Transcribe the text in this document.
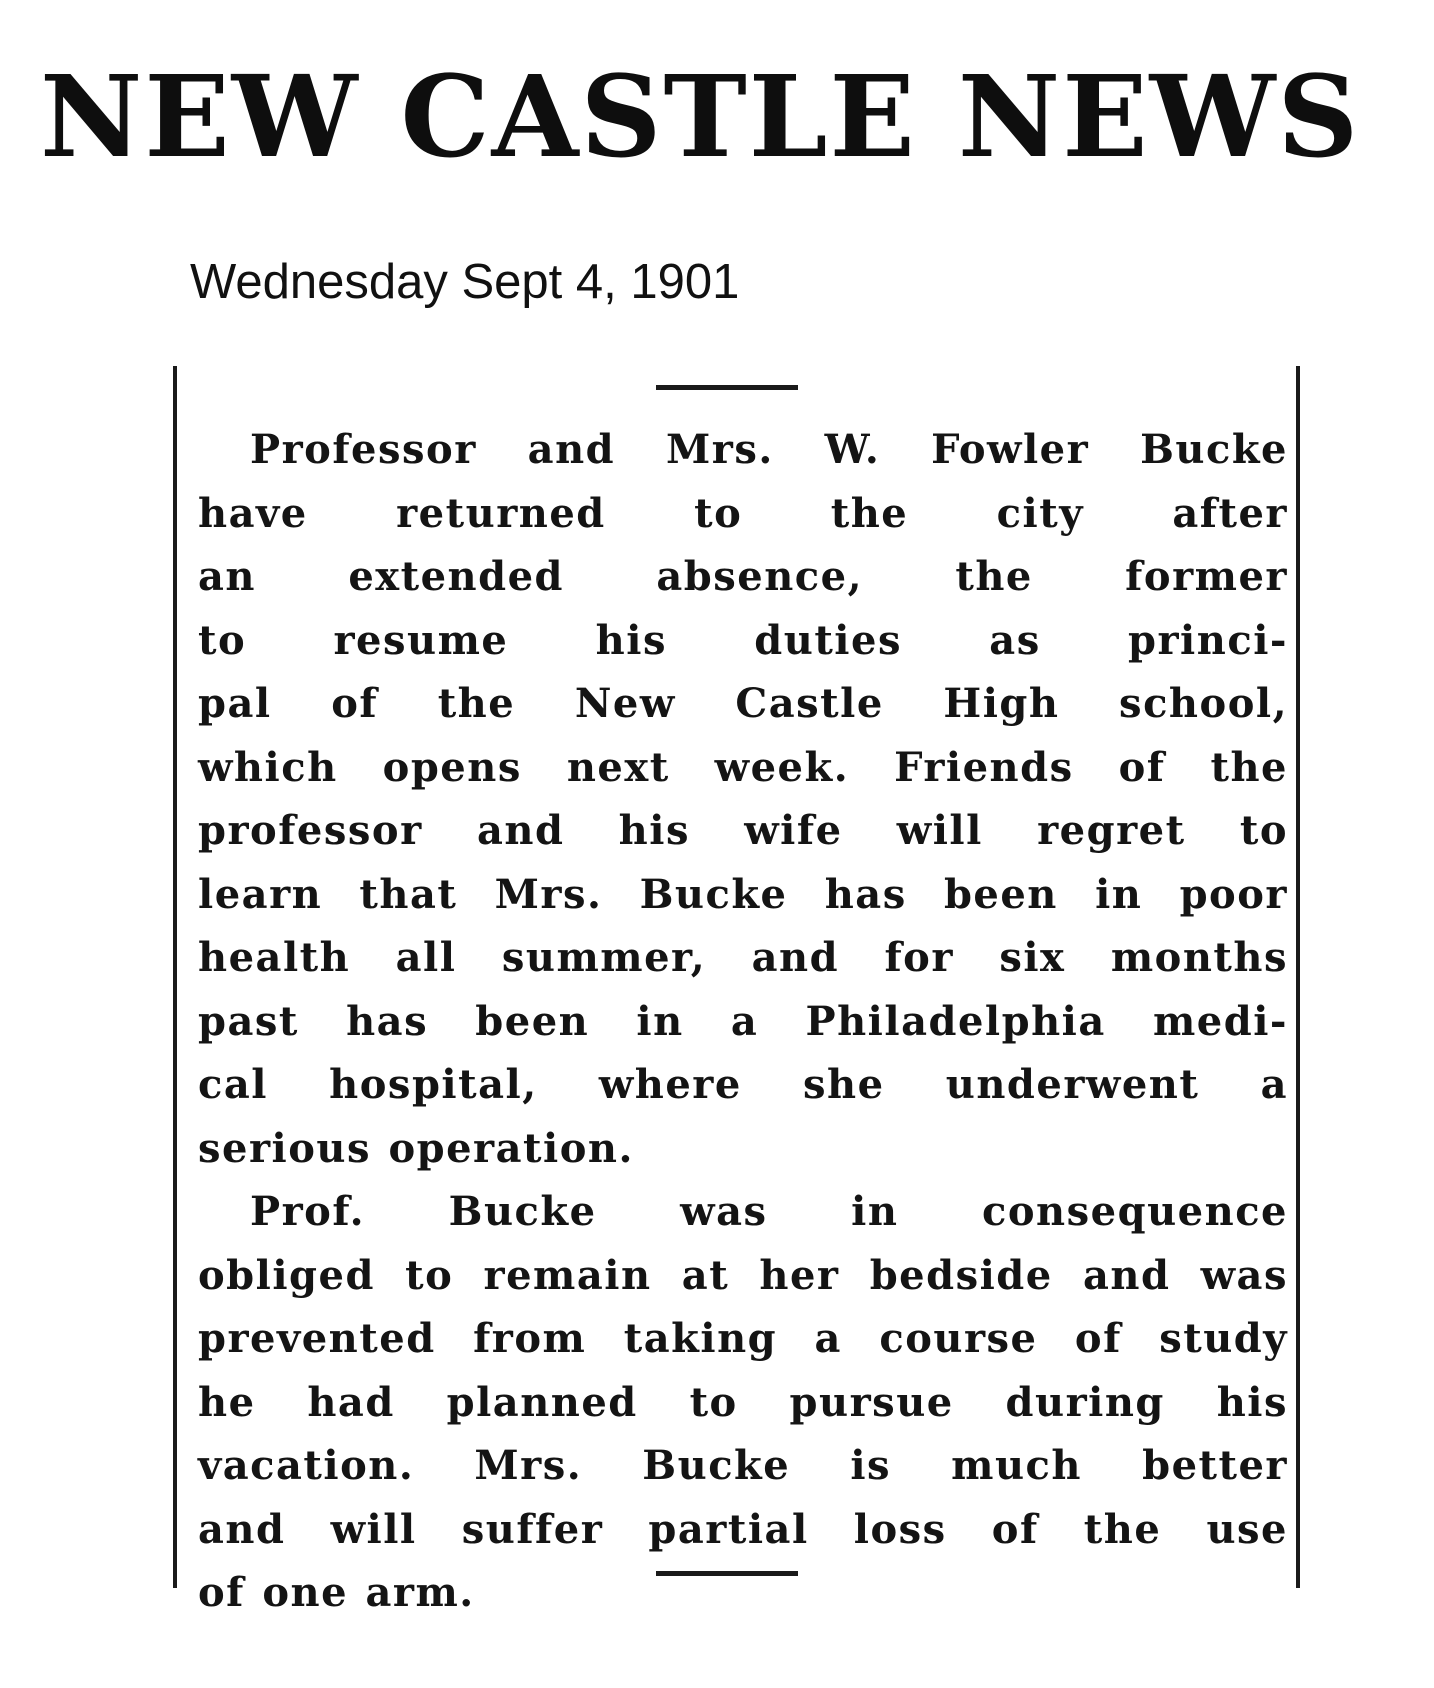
NEW CASTLE NEWS
Wednesday Sept 4, 1901

Professor and Mrs. W. Fowler Bucke
have returned to the city after
an extended absence, the former
to resume his duties as princi-
pal of the New Castle High school,
which opens next week. Friends of the
professor and his wife will regret to
learn that Mrs. Bucke has been in poor
health all summer, and for six months
past has been in a Philadelphia medi-
cal hospital, where she underwent a
serious operation.

Prof. Bucke was in consequence
obliged to remain at her bedside and was
prevented from taking a course of study
he had planned to pursue during his
vacation. Mrs. Bucke is much better
and will suffer partial loss of the use
of one arm.
